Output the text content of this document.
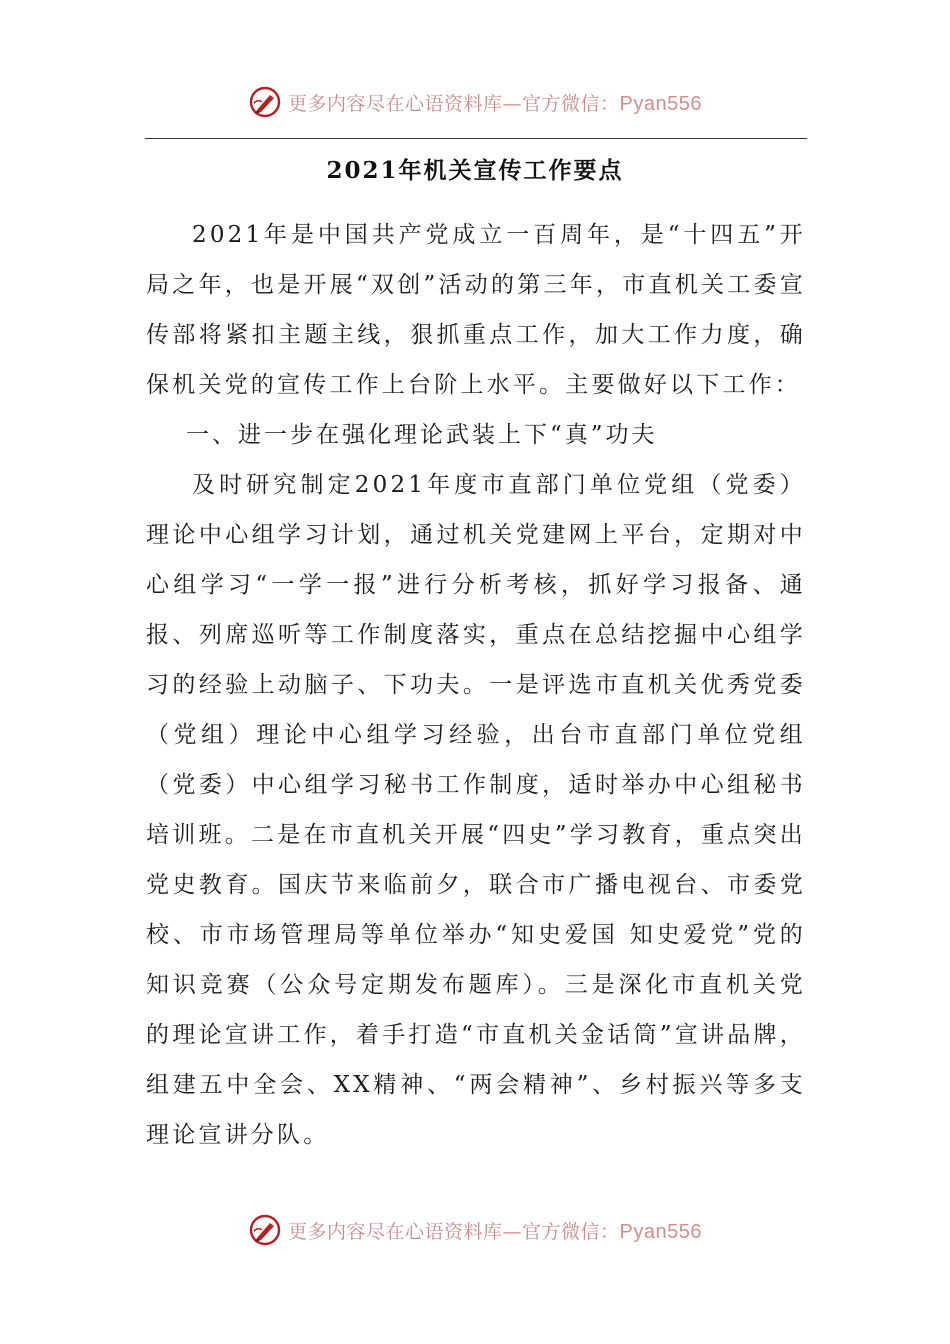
更多内容尽在心语资料库—官方微信：Pyan556
2021年机关宣传工作要点

2021年是中国共产党成立一百周年，是“十四五”开局之年，也是开展“双创”活动的第三年，市直机关工委宣传部将紧扣主题主线，狠抓重点工作，加大工作力度，确保机关党的宣传工作上台阶上水平。主要做好以下工作：

一、进一步在强化理论武装上下“真”功夫

及时研究制定2021年度市直部门单位党组（党委）理论中心组学习计划，通过机关党建网上平台，定期对中心组学习“一学一报”进行分析考核，抓好学习报备、通报、列席巡听等工作制度落实，重点在总结挖掘中心组学习的经验上动脑子、下功夫。一是评选市直机关优秀党委（党组）理论中心组学习经验，出台市直部门单位党组（党委）中心组学习秘书工作制度，适时举办中心组秘书培训班。二是在市直机关开展“四史”学习教育，重点突出党史教育。国庆节来临前夕，联合市广播电视台、市委党校、市市场管理局等单位举办“知史爱国 知史爱党”党的知识竞赛（公众号定期发布题库）。三是深化市直机关党的理论宣讲工作，着手打造“市直机关金话筒”宣讲品牌，组建五中全会、XX精神、“两会精神”、乡村振兴等多支理论宣讲分队。

更多内容尽在心语资料库—官方微信：Pyan556
